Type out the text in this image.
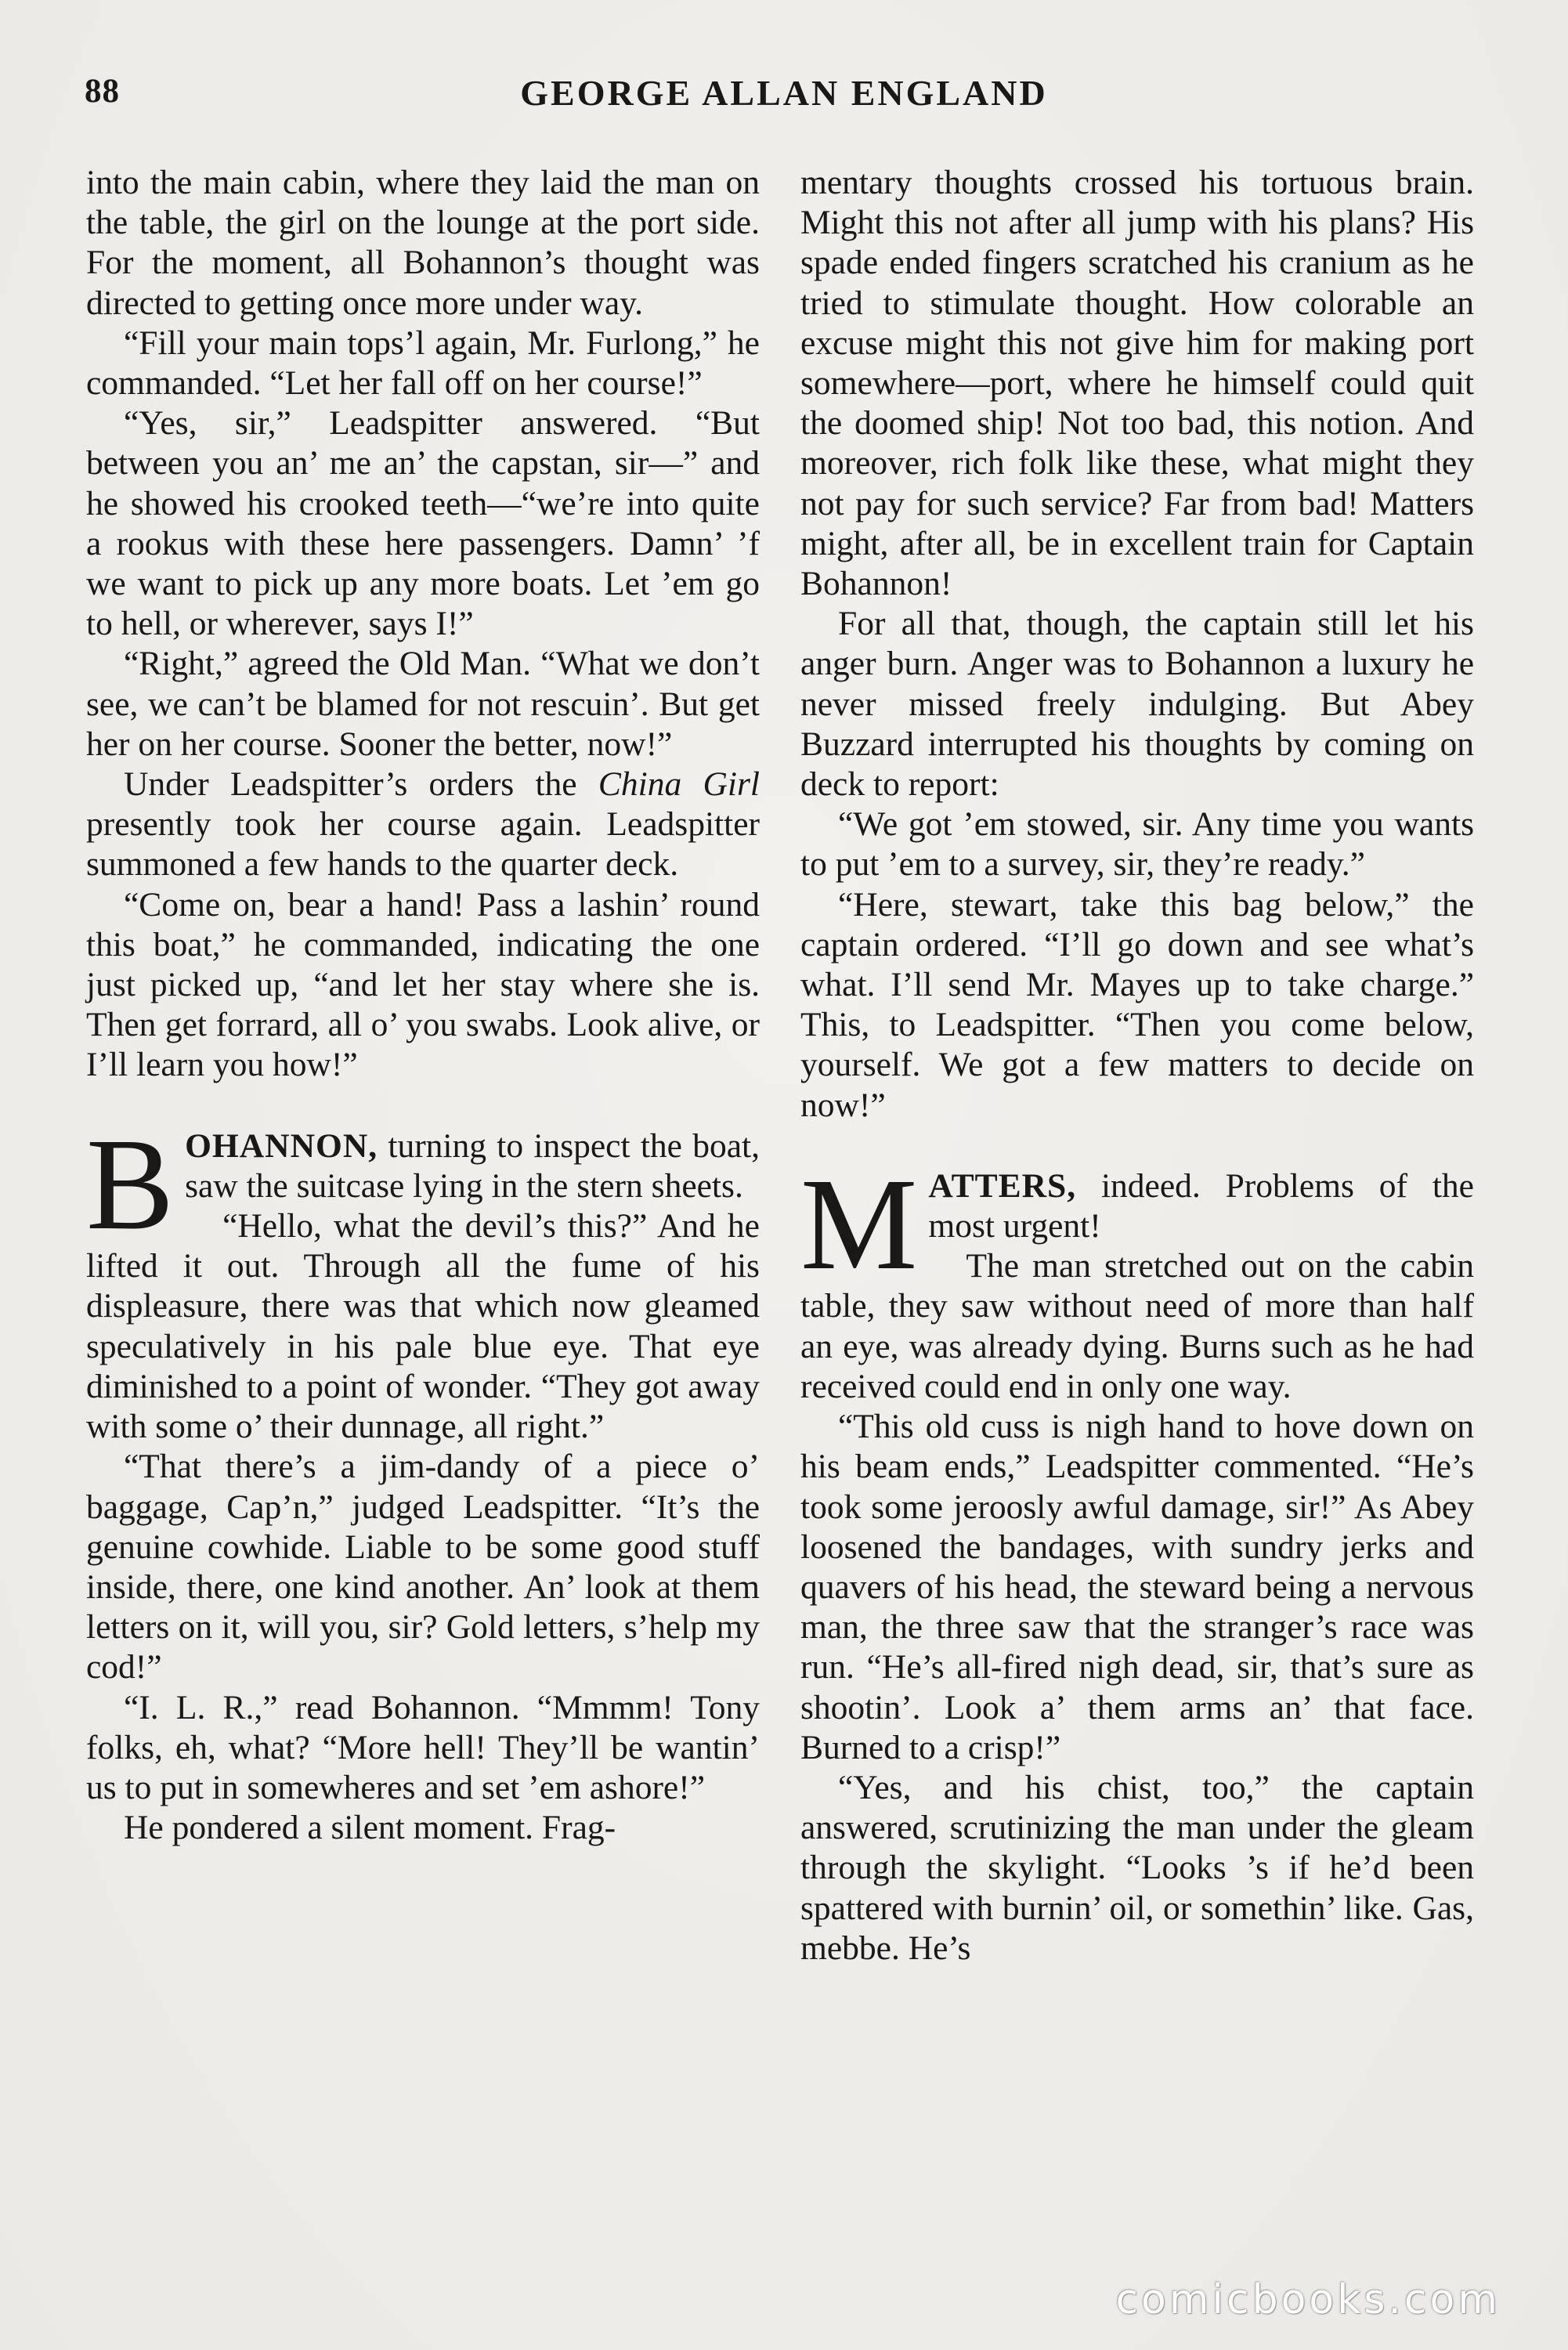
88	GEORGE ALLAN ENGLAND

into the main cabin, where they laid the man on the table, the girl on the lounge at the port side. For the moment, all Bohannon’s thought was directed to getting once more under way.

“Fill your main tops’l again, Mr. Furlong,” he commanded. “Let her fall off on her course!”

“Yes, sir,” Leadspitter answered. “But between you an’ me an’ the capstan, sir—” and he showed his crooked teeth—“we’re into quite a rookus with these here passengers. Damn’ ’f we want to pick up any more boats. Let ’em go to hell, or wherever, says I!”

“Right,” agreed the Old Man. “What we don’t see, we can’t be blamed for not rescuin’. But get her on her course. Sooner the better, now!”

Under Leadspitter’s orders the China Girl presently took her course again. Leadspitter summoned a few hands to the quarter deck.

“Come on, bear a hand! Pass a lashin’ round this boat,” he commanded, indicating the one just picked up, “and let her stay where she is. Then get forrard, all o’ you swabs. Look alive, or I’ll learn you how!”

BOHANNON, turning to inspect the boat, saw the suitcase lying in the stern sheets.

“Hello, what the devil’s this?” And he lifted it out. Through all the fume of his displeasure, there was that which now gleamed speculatively in his pale blue eye. That eye diminished to a point of wonder. “They got away with some o’ their dunnage, all right.”

“That there’s a jim-dandy of a piece o’ baggage, Cap’n,” judged Leadspitter. “It’s the genuine cowhide. Liable to be some good stuff inside, there, one kind another. An’ look at them letters on it, will you, sir? Gold letters, s’help my cod!”

“I. L. R.,” read Bohannon. “Mmmm! Tony folks, eh, what? “More hell! They’ll be wantin’ us to put in somewheres and set ’em ashore!”

He pondered a silent moment. Frag-

mentary thoughts crossed his tortuous brain. Might this not after all jump with his plans? His spade ended fingers scratched his cranium as he tried to stimulate thought. How colorable an excuse might this not give him for making port somewhere—port, where he himself could quit the doomed ship! Not too bad, this notion. And moreover, rich folk like these, what might they not pay for such service? Far from bad! Matters might, after all, be in excellent train for Captain Bohannon!

For all that, though, the captain still let his anger burn. Anger was to Bohannon a luxury he never missed freely indulging. But Abey Buzzard interrupted his thoughts by coming on deck to report:

“We got ’em stowed, sir. Any time you wants to put ’em to a survey, sir, they’re ready.”

“Here, stewart, take this bag below,” the captain ordered. “I’ll go down and see what’s what. I’ll send Mr. Mayes up to take charge.” This, to Leadspitter. “Then you come below, yourself. We got a few matters to decide on now!”

MATTERS, indeed. Problems of the most urgent!

The man stretched out on the cabin table, they saw without need of more than half an eye, was already dying. Burns such as he had received could end in only one way.

“This old cuss is nigh hand to hove down on his beam ends,” Leadspitter commented. “He’s took some jeroosly awful damage, sir!” As Abey loosened the bandages, with sundry jerks and quavers of his head, the steward being a nervous man, the three saw that the stranger’s race was run. “He’s all-fired nigh dead, sir, that’s sure as shootin’. Look a’ them arms an’ that face. Burned to a crisp!”

“Yes, and his chist, too,” the captain answered, scrutinizing the man under the gleam through the skylight. “Looks ’s if he’d been spattered with burnin’ oil, or somethin’ like. Gas, mebbe. He’s

comicbooks.com
